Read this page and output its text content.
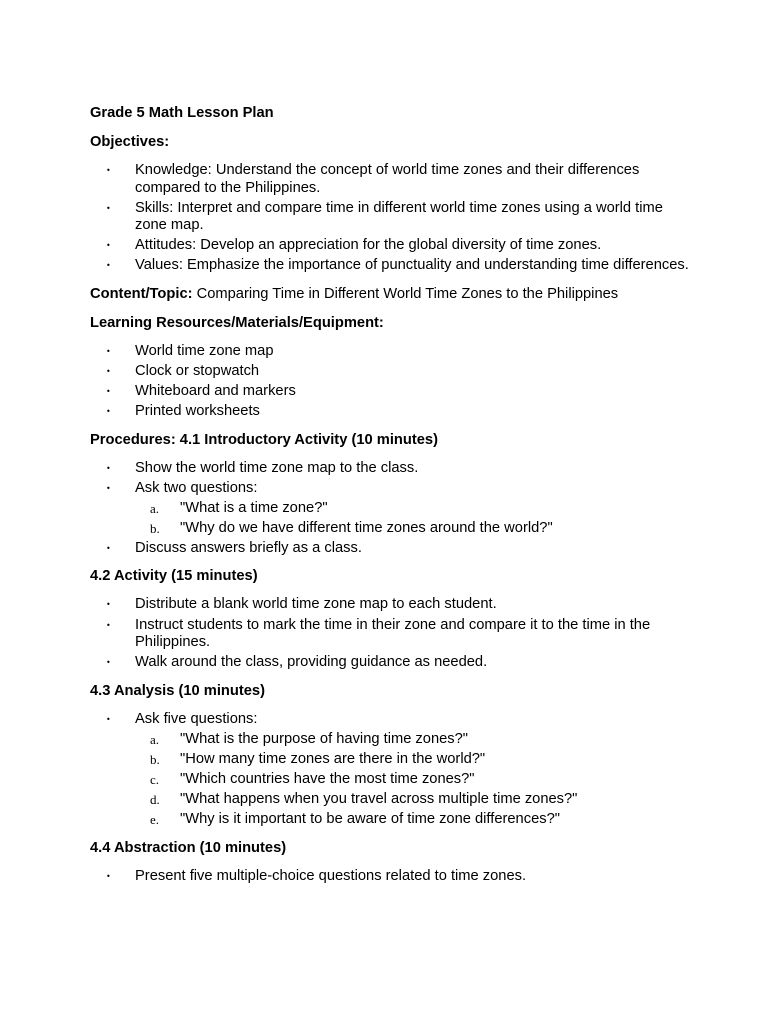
Grade 5 Math Lesson Plan
Objectives:
• Knowledge: Understand the concept of world time zones and their differences compared to the Philippines.
• Skills: Interpret and compare time in different world time zones using a world time zone map.
• Attitudes: Develop an appreciation for the global diversity of time zones.
• Values: Emphasize the importance of punctuality and understanding time differences.
Content/Topic: Comparing Time in Different World Time Zones to the Philippines
Learning Resources/Materials/Equipment:
• World time zone map
• Clock or stopwatch
• Whiteboard and markers
• Printed worksheets
Procedures: 4.1 Introductory Activity (10 minutes)
• Show the world time zone map to the class.
• Ask two questions:
a. "What is a time zone?"
b. "Why do we have different time zones around the world?"
• Discuss answers briefly as a class.
4.2 Activity (15 minutes)
• Distribute a blank world time zone map to each student.
• Instruct students to mark the time in their zone and compare it to the time in the Philippines.
• Walk around the class, providing guidance as needed.
4.3 Analysis (10 minutes)
• Ask five questions:
a. "What is the purpose of having time zones?"
b. "How many time zones are there in the world?"
c. "Which countries have the most time zones?"
d. "What happens when you travel across multiple time zones?"
e. "Why is it important to be aware of time zone differences?"
4.4 Abstraction (10 minutes)
• Present five multiple-choice questions related to time zones.
